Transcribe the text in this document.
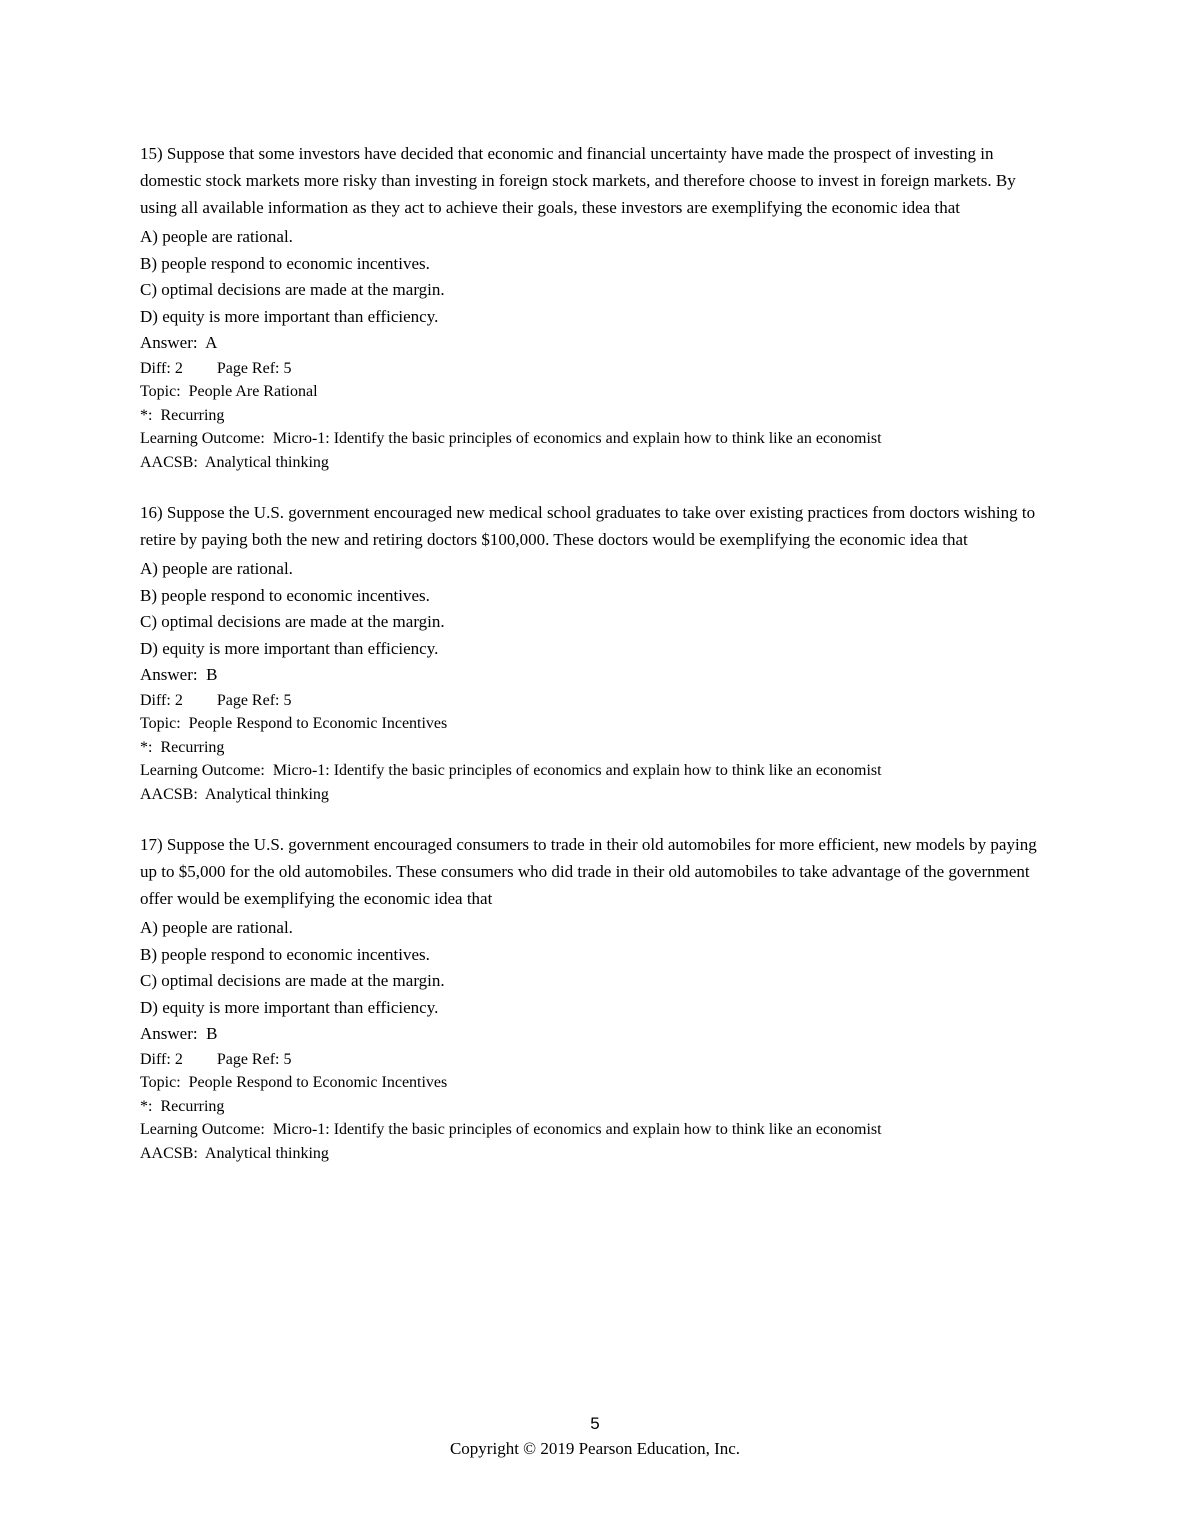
15) Suppose that some investors have decided that economic and financial uncertainty have made the prospect of investing in domestic stock markets more risky than investing in foreign stock markets, and therefore choose to invest in foreign markets. By using all available information as they act to achieve their goals, these investors are exemplifying the economic idea that

A) people are rational.

B) people respond to economic incentives.

C) optimal decisions are made at the margin.

D) equity is more important than efficiency.

Answer:  A

Diff: 2 Page Ref: 5

Topic:  People Are Rational

*:  Recurring

Learning Outcome:  Micro-1: Identify the basic principles of economics and explain how to think like an economist

AACSB:  Analytical thinking

16) Suppose the U.S. government encouraged new medical school graduates to take over existing practices from doctors wishing to retire by paying both the new and retiring doctors $100,000. These doctors would be exemplifying the economic idea that

A) people are rational.

B) people respond to economic incentives.

C) optimal decisions are made at the margin.

D) equity is more important than efficiency.

Answer:  B

Diff: 2 Page Ref: 5

Topic:  People Respond to Economic Incentives

*:  Recurring

Learning Outcome:  Micro-1: Identify the basic principles of economics and explain how to think like an economist

AACSB:  Analytical thinking

17) Suppose the U.S. government encouraged consumers to trade in their old automobiles for more efficient, new models by paying up to $5,000 for the old automobiles. These consumers who did trade in their old automobiles to take advantage of the government offer would be exemplifying the economic idea that

A) people are rational.

B) people respond to economic incentives.

C) optimal decisions are made at the margin.

D) equity is more important than efficiency.

Answer:  B

Diff: 2 Page Ref: 5

Topic:  People Respond to Economic Incentives

*:  Recurring

Learning Outcome:  Micro-1: Identify the basic principles of economics and explain how to think like an economist

AACSB:  Analytical thinking

5
Copyright © 2019 Pearson Education, Inc.
